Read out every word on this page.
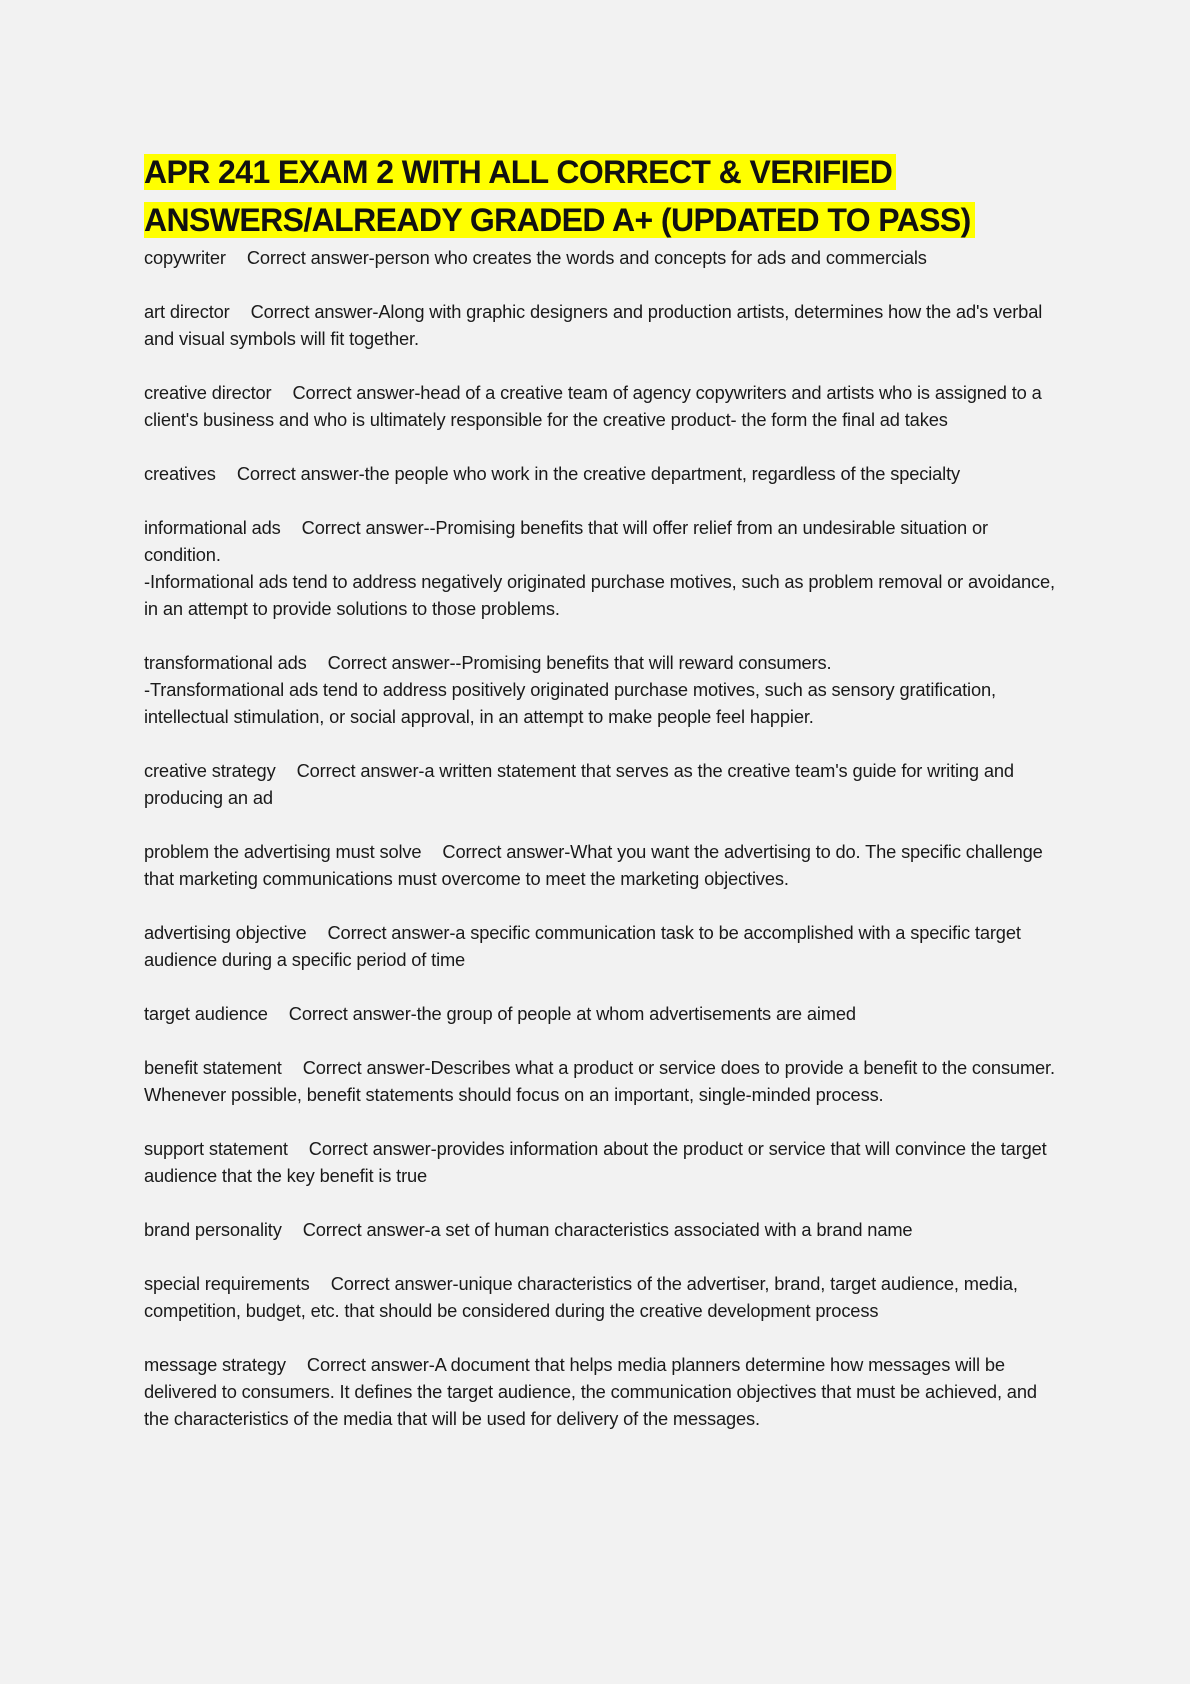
APR 241 EXAM 2 WITH ALL CORRECT & VERIFIED ANSWERS/ALREADY GRADED A+ (UPDATED TO PASS)
copywriter Correct answer-person who creates the words and concepts for ads and commercials
art director Correct answer-Along with graphic designers and production artists, determines how the ad's verbal and visual symbols will fit together.
creative director Correct answer-head of a creative team of agency copywriters and artists who is assigned to a client's business and who is ultimately responsible for the creative product- the form the final ad takes
creatives Correct answer-the people who work in the creative department, regardless of the specialty
informational ads Correct answer--Promising benefits that will offer relief from an undesirable situation or condition.
-Informational ads tend to address negatively originated purchase motives, such as problem removal or avoidance, in an attempt to provide solutions to those problems.
transformational ads Correct answer--Promising benefits that will reward consumers.
-Transformational ads tend to address positively originated purchase motives, such as sensory gratification, intellectual stimulation, or social approval, in an attempt to make people feel happier.
creative strategy Correct answer-a written statement that serves as the creative team's guide for writing and producing an ad
problem the advertising must solve Correct answer-What you want the advertising to do. The specific challenge that marketing communications must overcome to meet the marketing objectives.
advertising objective Correct answer-a specific communication task to be accomplished with a specific target audience during a specific period of time
target audience Correct answer-the group of people at whom advertisements are aimed
benefit statement Correct answer-Describes what a product or service does to provide a benefit to the consumer. Whenever possible, benefit statements should focus on an important, single-minded process.
support statement Correct answer-provides information about the product or service that will convince the target audience that the key benefit is true
brand personality Correct answer-a set of human characteristics associated with a brand name
special requirements Correct answer-unique characteristics of the advertiser, brand, target audience, media, competition, budget, etc. that should be considered during the creative development process
message strategy Correct answer-A document that helps media planners determine how messages will be delivered to consumers. It defines the target audience, the communication objectives that must be achieved, and the characteristics of the media that will be used for delivery of the messages.
